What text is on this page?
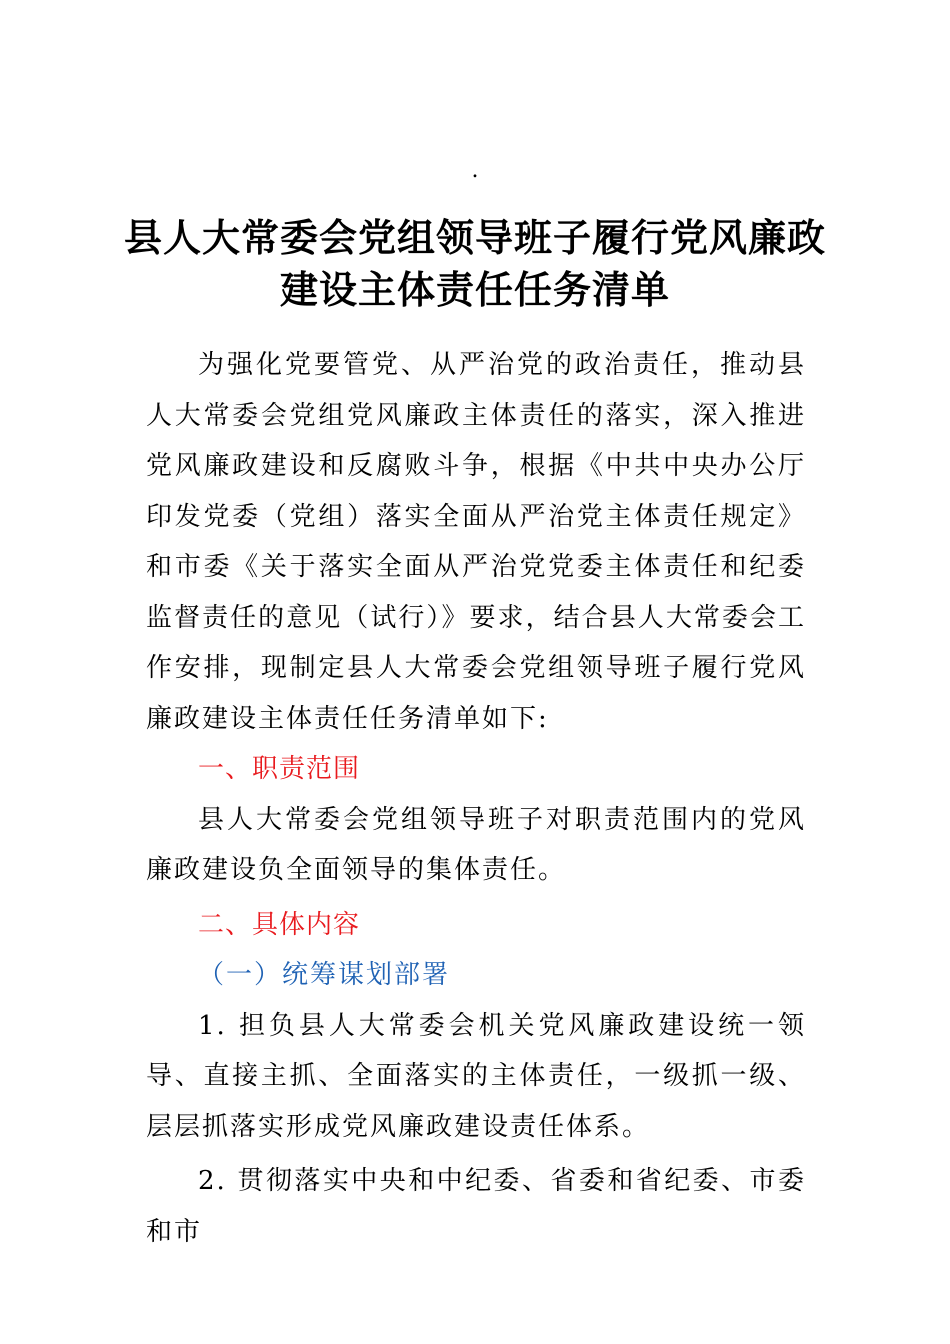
.
县人大常委会党组领导班子履行党风廉政
建设主体责任任务清单

为强化党要管党、从严治党的政治责任，推动县人大常委会党组党风廉政主体责任的落实，深入推进党风廉政建设和反腐败斗争，根据《中共中央办公厅印发党委（党组）落实全面从严治党主体责任规定》和市委《关于落实全面从严治党党委主体责任和纪委监督责任的意见（试行）》要求，结合县人大常委会工作安排，现制定县人大常委会党组领导班子履行党风廉政建设主体责任任务清单如下:

一、职责范围

县人大常委会党组领导班子对职责范围内的党风廉政建设负全面领导的集体责任。

二、具体内容

（一）统筹谋划部署

1. 担负县人大常委会机关党风廉政建设统一领导、直接主抓、全面落实的主体责任，一级抓一级、层层抓落实形成党风廉政建设责任体系。

2. 贯彻落实中央和中纪委、省委和省纪委、市委和市
